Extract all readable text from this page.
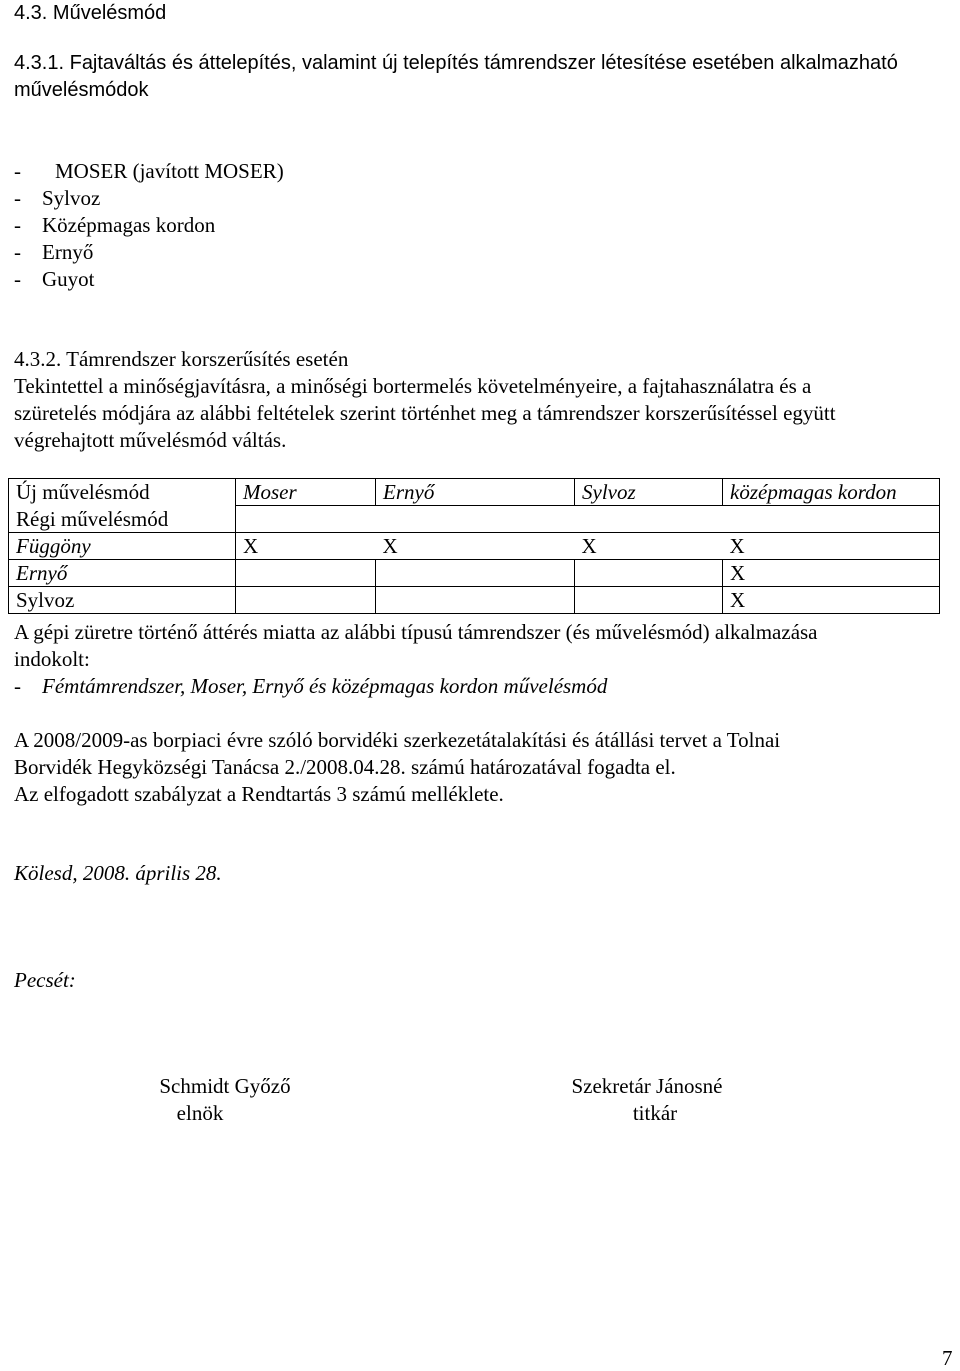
4.3. Művelésmód
4.3.1. Fajtaváltás és áttelepítés, valamint új telepítés támrendszer létesítése esetében alkalmazható
művelésmódok
- MOSER (javított MOSER)
- Sylvoz
- Középmagas kordon
- Ernyő
- Guyot
4.3.2. Támrendszer korszerűsítés esetén
Tekintettel a minőségjavításra, a minőségi bortermelés követelményeire, a fajtahasználatra és a
szüretelés módjára az alábbi feltételek szerint történhet meg a támrendszer korszerűsítéssel együtt
végrehajtott művelésmód váltás.
Új művelésmód	Moser	Ernyő	Sylvoz	középmagas kordon
Régi művelésmód				
Függöny	X	X	X	X
Ernyő				X
Sylvoz				X
A gépi züretre történő áttérés miatta az alábbi típusú támrendszer (és művelésmód) alkalmazása
indokolt:
- Fémtámrendszer, Moser, Ernyő és középmagas kordon művelésmód
A 2008/2009-as borpiaci évre szóló borvidéki szerkezetátalakítási és átállási tervet a Tolnai
Borvidék Hegyközségi Tanácsa 2./2008.04.28. számú határozatával fogadta el.
Az elfogadott szabályzat a Rendtartás 3 számú melléklete.
Kölesd, 2008. április 28.
Pecsét:
Schmidt Győző
elnök
Szekretár Jánosné
titkár
7
